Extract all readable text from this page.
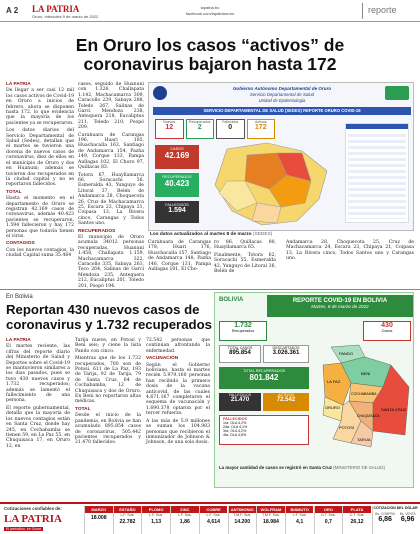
A 2 LA PATRIA
Oruro, miércoles 9 de marzo de 2022
lapatria.bo
facebook.com/lapatriaoruro	reporte
En Oruro los casos “activos” de
coronavirus bajaron hasta 172
LA PATRIA

De llegar a ser casi 12 mil los casos activos de Covid-19 en Oruro a inicios de febrero, ahora se disponen hasta 172, lo que evidencia que la mayoría de los pacientes ya se recuperaron.

Los datos diarios del Servicio Departamental de Salud (Sedes), detallan que el martes se tuvieron una docena de nuevos casos de coronavirus, diez de ellos en el municipio de Oruro y dos en Huanuni; además se tuvieron dos recuperados en la ciudad capital y no se reportaron fallecidos.

TOTAL

Hasta el momento en el departamento de Oruro se registran 42.169 casos de coronavirus, además 40.423 pacientes se recuperaron, 1.594 fallecieron y hay 172 personas que todavía tienen el virus.

CONTAGIOS

Con los nuevos contagios, la ciudad Capital suma 35.464

casos, seguido de Huanuni con 1.326, Challapata 1.142, Machacamarca 309, Caracollo 239, Sabaya 288, Toledo 267, Salinas de Garci Mendoza 238, Antequera 218, Eucaliptus 211, Toledo 210, Poopó 209.

Curahuara de Carangas 196, Huari 185, Huachacalla 163, Santiago de Andamarca 154, Pazña 149, Corque 133, Pampa Aullagas 102, El Choro 97, Quillacas 83.

Totora 67, Huayllamarca 66, Soracachi 56, Esmeralda 43, Yunguyo de Litoral 37, Belén de Andamarca 28, Choquecota 26, Cruz de Machacamarca 25, Escara 23, Chipaya 21, Coipasa 13, La Rivera cinco, Carangas y Todos Santos uno.

RECUPERADOS

El municipio de Oruro acumula 34012 personas recuperadas, Huanuni 1.458, Challapata 1.159, Machacamarca 322, Caracollo 335, Sabaya 261, Toco 264, Salinas de Garci Mendoza 235, Antequera 212, Eucaliptus 201, Toledo 201, Poopó 194.

Gobierno Autónomo Departamental de Oruro
Servicio Departamental de Salud
Unidad de Epidemiología
SERVICIO DEPARTAMENTAL DE SALUD (SEDES) REPORTE ORURO COVID-19
Nuevos
12
Recuperados
2
Fallecidos
0
Activos
172
CASOS
42.169
RECUPERADOS
40.423
FALLECIDOS
1.594
Los datos actualizados al martes 8 de marzo (SEDES)

Curahuara de Carangas 178, Huari 176, Huachacalla 157, Santiago de Andamarca 148, Pazña 146, Corque 131, Pampa Aullagas 101, El Cho-

ro 86, Quillacas 80, Huayllamarca 65.

Finalmente, Totora 62, Soracachi 55, Esmeralda 42, Yunguyo de Litoral 36, Belén de

Andamarca 28, Choquecota 25, Cruz de Machacamarca 24, Escara 23, Chipaya 21, Coipasa 13, La Rivera cinco, Todos Santos uno y Carangas uno.

En Bolivia
Reportan 430 nuevos casos de
coronavirus y 1.732 recuperados
LA PATRIA

El martes reciente, las cifras del reporte diario del Ministerio de Salud y Deportes sobre el Covid-19 se mantuvieron similares a los días pasados, pues se tuvo 430 nuevos casos y 1.732 recuperados; además se lamentó el fallecimiento de una persona.

El reporte gubernamental, detalla que la mayoría de los nuevos contagios están en Santa Cruz, donde hay 245, en Cochabamba se tienen 59, en La Paz 55, en Chuquisaca 17, en Oruro 12, en

Tarija nueve, en Potosí y Beni seis; y ciene la lista Pando con cinco.

Mientras que de los 1.732 recuperados, 700 son de Potosí, 611 de La Paz, 193 de Tarija, 92 de Tarija, 79 de Santa Cruz, 64 de Cochabamba, 12 de Chuquisaca y dos de Oruro. En Beni no reportaron altas médicas.

TOTAL

Desde el inicio de la pandemia, en Bolivia se han acumulado 895.854 casos de coronavirus, 505.442 pacientes recuperados y 21.470 fallecidos.

72.542 personas que continúan afrontando la enfermedad.

VACUNACIÓN

Según el Gobierno boliviano, hasta el martes recién 5.979.160 personas han recibido la primera dosis de la vacuna anticovid, de las cuales 4.671.167 completaron el esquema de vacunación y 1.690.378 optaron por el tercer refuerzo.

A las más de 5.9 millones se suman los 104.983 personas que recibieron el inmunizador de Johnson & Johnson, de una sola dosis.

BOLIVIA	REPORTE COVID-19 EN BOLIVIA
Martes, 8 de marzo de 2022
1.732
Recuperados
430
Casos
TOTAL CASOS
895.854
DESCARTADOS
3.026.361
TOTAL RECUPERADOS
801.842
FALLECIDOS
21.470
ACTIVOS
72.542
FALLECIDOS
1ra. OLA 4,2%
2da. OLA 4,1%
3ra. OLA 4,2%
4ta. OLA 4,8%
PANDO
BENI
LA PAZ
COCHABAMBA
SANTA CRUZ
ORURO
POTOSÍ
CHUQUISACA
TARIJA
La mayor cantidad de casos se registró en Santa Cruz (MINISTERIO DE SALUD)
Cotizaciones confiables de:
LA PATRIA
El periódico, en Oruro
MARZO
18.008
ESTAÑO
L.F. Sus.
22.782
PLOMO
L.F. Sus.
1,13
ZINC
L.F. Sus.
1,86
COBRE
L.F. Sus.
4,614
ANTIMONIO
T.M.F. Sus.
14.200
WOLFRAM
T.M.F. Sus.
18.984
BISMUTO
L.F. Sus.
4,1
ORO
O.T. Sus.
0,7
PLATA
O.T. Sus.
26,12
COTIZACIÓN DEL DÓLAR
Bs. COMPRA
6,86
Bs. VENTA
6,96
